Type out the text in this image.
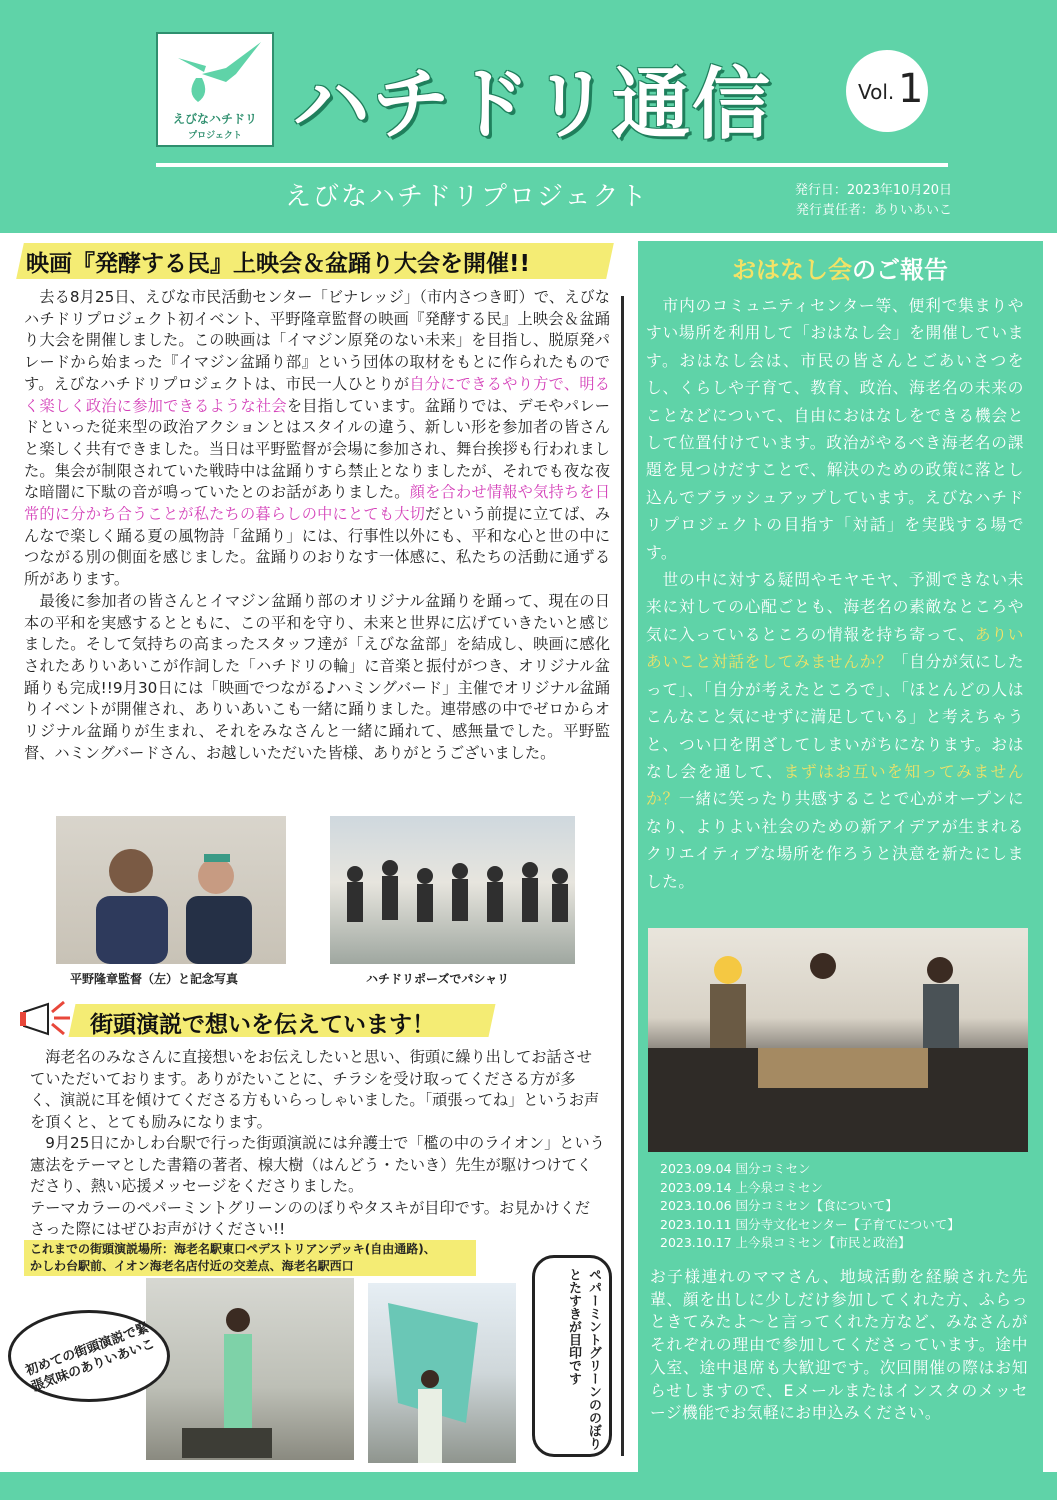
えびなハチドリ
プロジェクト ハチドリ通信	Vol. 1
えびなハチドリプロジェクト	発行日：2023年10月20日
発行責任者：ありいあいこ
映画『発酵する民』上映会＆盆踊り大会を開催!!

　去る8月25日、えびな市民活動センター「ビナレッジ」（市内さつき町）で、えびなハチドリプロジェクト初イベント、平野隆章監督の映画『発酵する民』上映会＆盆踊り大会を開催しました。この映画は「イマジン原発のない未来」を目指し、脱原発パレードから始まった『イマジン盆踊り部』という団体の取材をもとに作られたものです。えびなハチドリプロジェクトは、市民一人ひとりが自分にできるやり方で、明るく楽しく政治に参加できるような社会を目指しています。盆踊りでは、デモやパレードといった従来型の政治アクションとはスタイルの違う、新しい形を参加者の皆さんと楽しく共有できました。当日は平野監督が会場に参加され、舞台挨拶も行われました。集会が制限されていた戦時中は盆踊りすら禁止となりましたが、それでも夜な夜な暗闇に下駄の音が鳴っていたとのお話がありました。顔を合わせ情報や気持ちを日常的に分かち合うことが私たちの暮らしの中にとても大切だという前提に立てば、みんなで楽しく踊る夏の風物詩「盆踊り」には、行事性以外にも、平和な心と世の中につながる別の側面を感じました。盆踊りのおりなす一体感に、私たちの活動に通ずる所があります。

　最後に参加者の皆さんとイマジン盆踊り部のオリジナル盆踊りを踊って、現在の日本の平和を実感するとともに、この平和を守り、未来と世界に広げていきたいと感じました。そして気持ちの高まったスタッフ達が「えびな盆部」を結成し、映画に感化されたありいあいこが作詞した「ハチドリの輪」に音楽と振付がつき、オリジナル盆踊りも完成!!9月30日には「映画でつながる♪ハミングバード」主催でオリジナル盆踊りイベントが開催され、ありいあいこも一緒に踊りました。連帯感の中でゼロからオリジナル盆踊りが生まれ、それをみなさんと一緒に踊れて、感無量でした。平野監督、ハミングバードさん、お越しいただいた皆様、ありがとうございました。

平野隆章監督（左）と記念写真	ハチドリポーズでパシャリ
街頭演説で想いを伝えています！

　海老名のみなさんに直接想いをお伝えしたいと思い、街頭に繰り出してお話させていただいております。ありがたいことに、チラシを受け取ってくださる方が多く、演説に耳を傾けてくださる方もいらっしゃいました。「頑張ってね」というお声を頂くと、とても励みになります。

　9月25日にかしわ台駅で行った街頭演説には弁護士で「檻の中のライオン」という憲法をテーマとした書籍の著者、楾大樹（はんどう・たいき）先生が駆けつけてくださり、熱い応援メッセージをくださりました。

テーマカラーのペパーミントグリーンののぼりやタスキが目印です。お見かけくださった際にはぜひお声がけください!!

これまでの街頭演説場所：海老名駅東口ペデストリアンデッキ(自由通路)、
かしわ台駅前、イオン海老名店付近の交差点、海老名駅西口
初めての街頭演説で緊張気味のありいあいこ	ペパーミントグリーンののぼりとたすきが目印です
おはなし会のご報告

　市内のコミュニティセンター等、便利で集まりやすい場所を利用して「おはなし会」を開催しています。おはなし会は、市民の皆さんとごあいさつをし、くらしや子育て、教育、政治、海老名の未来のことなどについて、自由におはなしをできる機会として位置付けています。政治がやるべき海老名の課題を見つけだすことで、解決のための政策に落とし込んでブラッシュアップしています。えびなハチドリプロジェクトの目指す「対話」を実践する場です。

　世の中に対する疑問やモヤモヤ、予測できない未来に対しての心配ごとも、海老名の素敵なところや気に入っているところの情報を持ち寄って、ありいあいこと対話をしてみませんか？「自分が気にしたって」、「自分が考えたところで」、「ほとんどの人はこんなこと気にせずに満足している」と考えちゃうと、つい口を閉ざしてしまいがちになります。おはなし会を通して、まずはお互いを知ってみませんか？一緒に笑ったり共感することで心がオープンになり、よりよい社会のための新アイデアが生まれるクリエイティブな場所を作ろうと決意を新たにしました。

2023.09.04 国分コミセン
2023.09.14 上今泉コミセン
2023.10.06 国分コミセン【食について】
2023.10.11 国分寺文化センター【子育てについて】
2023.10.17 上今泉コミセン【市民と政治】
お子様連れのママさん、地域活動を経験された先輩、顔を出しに少しだけ参加してくれた方、ふらっときてみたよ〜と言ってくれた方など、みなさんがそれぞれの理由で参加してくださっています。途中入室、途中退席も大歓迎です。次回開催の際はお知らせしますので、Eメールまたはインスタのメッセージ機能でお気軽にお申込みください。
